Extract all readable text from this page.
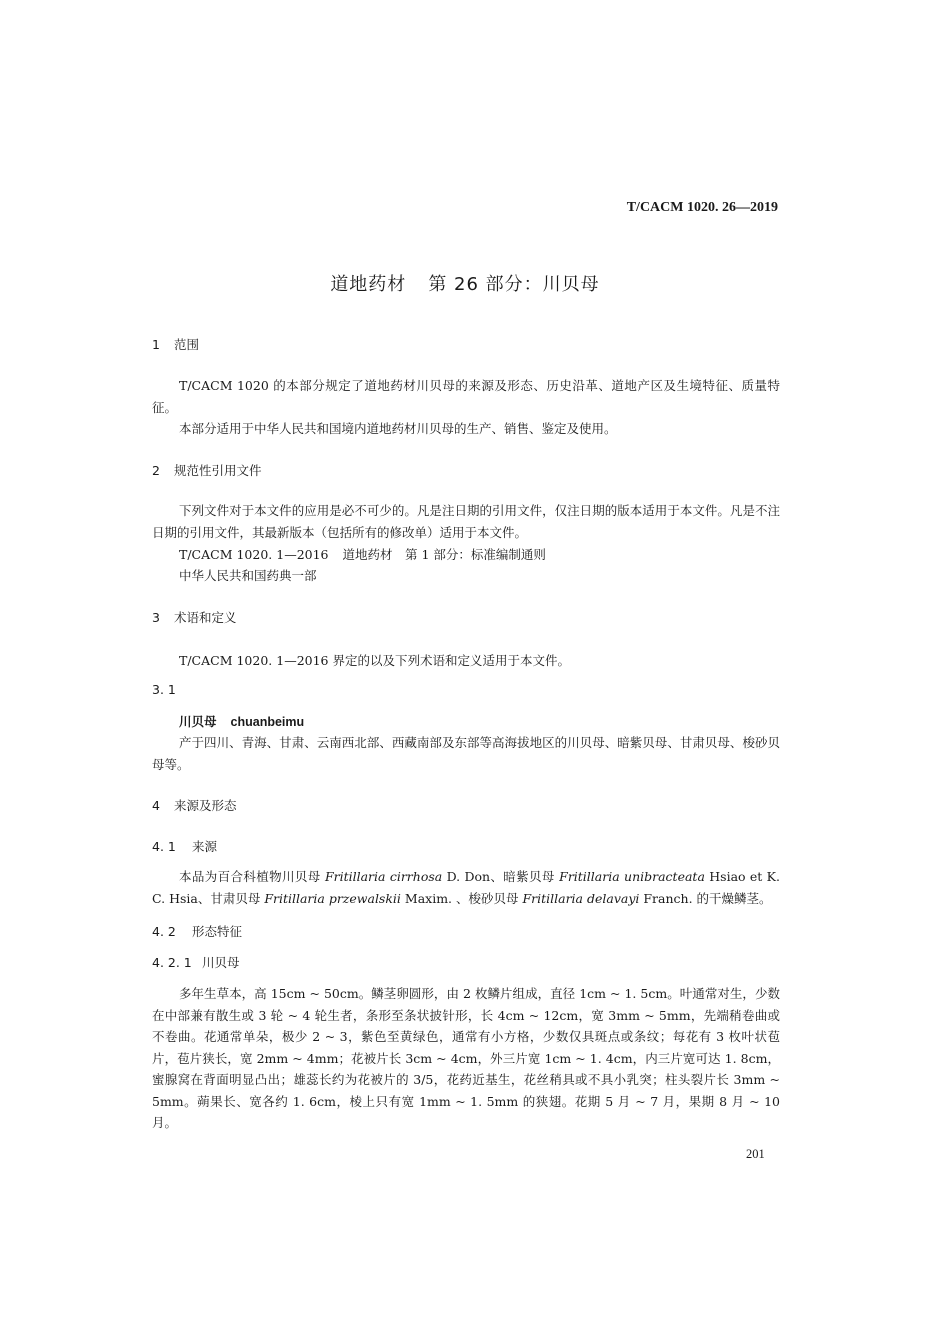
T/CACM 1020. 26—2019
道地药材 第 26 部分：川贝母
1 范围

T/CACM 1020 的本部分规定了道地药材川贝母的来源及形态、历史沿革、道地产区及生境特征、质量特征。

本部分适用于中华人民共和国境内道地药材川贝母的生产、销售、鉴定及使用。

2 规范性引用文件

下列文件对于本文件的应用是必不可少的。凡是注日期的引用文件，仅注日期的版本适用于本文件。凡是不注日期的引用文件，其最新版本（包括所有的修改单）适用于本文件。

T/CACM 1020. 1—2016 道地药材　第 1 部分：标准编制通则
中华人民共和国药典一部
3 术语和定义
T/CACM 1020. 1—2016 界定的以及下列术语和定义适用于本文件。
3. 1
川贝母 chuanbeimu

产于四川、青海、甘肃、云南西北部、西藏南部及东部等高海拔地区的川贝母、暗紫贝母、甘肃贝母、梭砂贝母等。

4 来源及形态
4. 1 来源

本品为百合科植物川贝母 Fritillaria cirrhosa D. Don、暗紫贝母 Fritillaria unibracteata Hsiao et K. C. Hsia、甘肃贝母 Fritillaria przewalskii Maxim. 、梭砂贝母 Fritillaria delavayi Franch. 的干燥鳞茎。

4. 2 形态特征
4. 2. 1 川贝母

多年生草本，高 15cm ~ 50cm。鳞茎卵圆形，由 2 枚鳞片组成，直径 1cm ~ 1. 5cm。叶通常对生，少数在中部兼有散生或 3 轮 ~ 4 轮生者，条形至条状披针形，长 4cm ~ 12cm，宽 3mm ~ 5mm，先端稍卷曲或不卷曲。花通常单朵，极少 2 ~ 3，紫色至黄绿色，通常有小方格，少数仅具斑点或条纹；每花有 3 枚叶状苞片，苞片狭长，宽 2mm ~ 4mm；花被片长 3cm ~ 4cm，外三片宽 1cm ~ 1. 4cm，内三片宽可达 1. 8cm，蜜腺窝在背面明显凸出；雄蕊长约为花被片的 3/5，花药近基生，花丝稍具或不具小乳突；柱头裂片长 3mm ~ 5mm。蒴果长、宽各约 1. 6cm，棱上只有宽 1mm ~ 1. 5mm 的狭翅。花期 5 月 ~ 7 月，果期 8 月 ~ 10 月。

201
